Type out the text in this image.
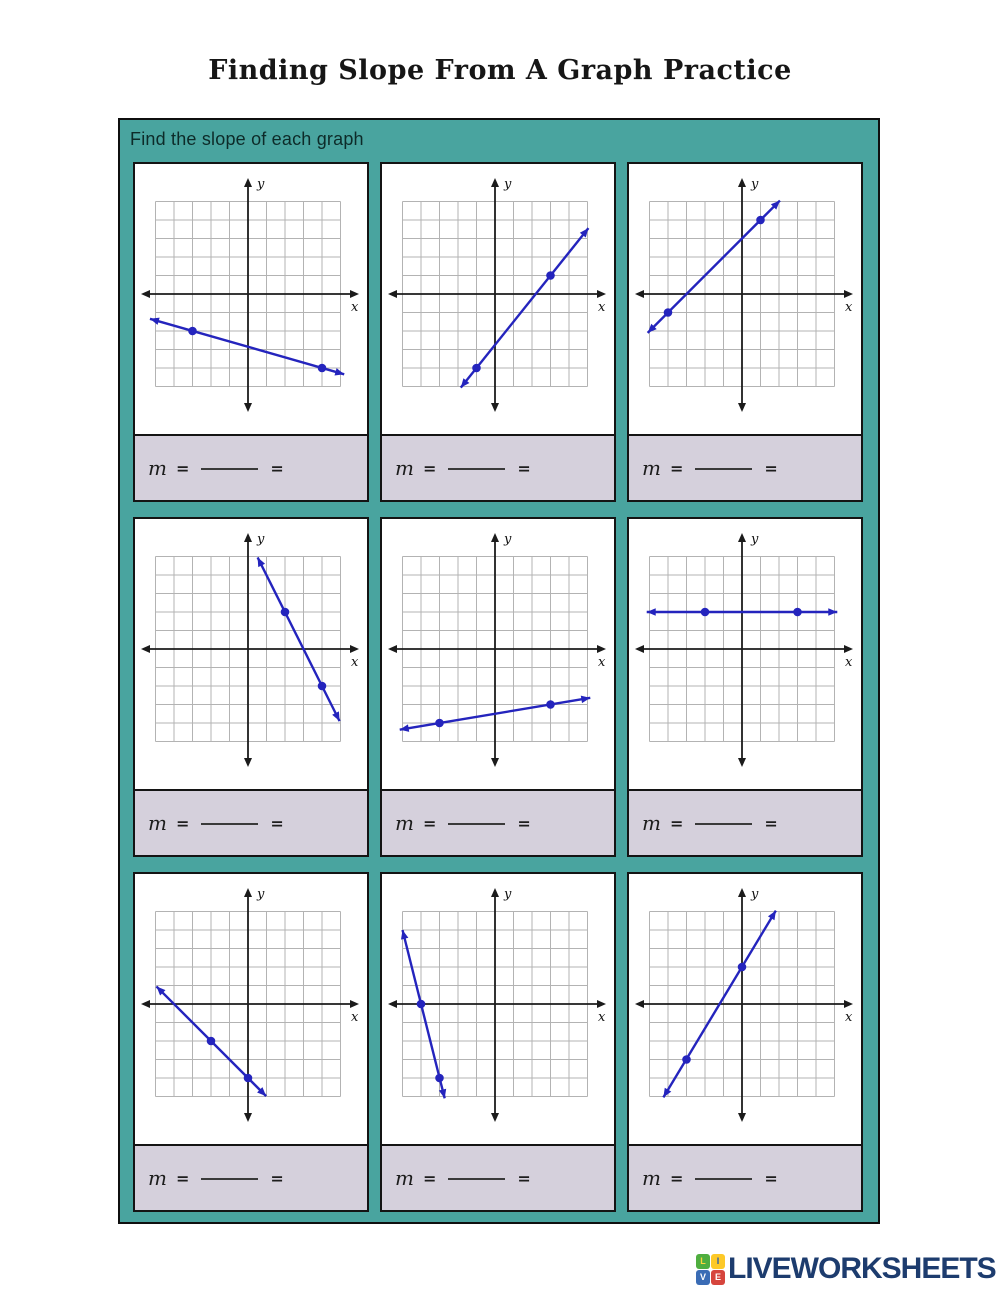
Finding Slope From A Graph Practice
Find the slope of each graph
y
x
m =	=	y
x
m =	= y
x
m =	=
y
x
m =	= y
x
m =	= y
x
m =	=
y
x
m =	= y
x
m =	= y
x
m =	=
L	I
V E LIVEWORKSHEETS
